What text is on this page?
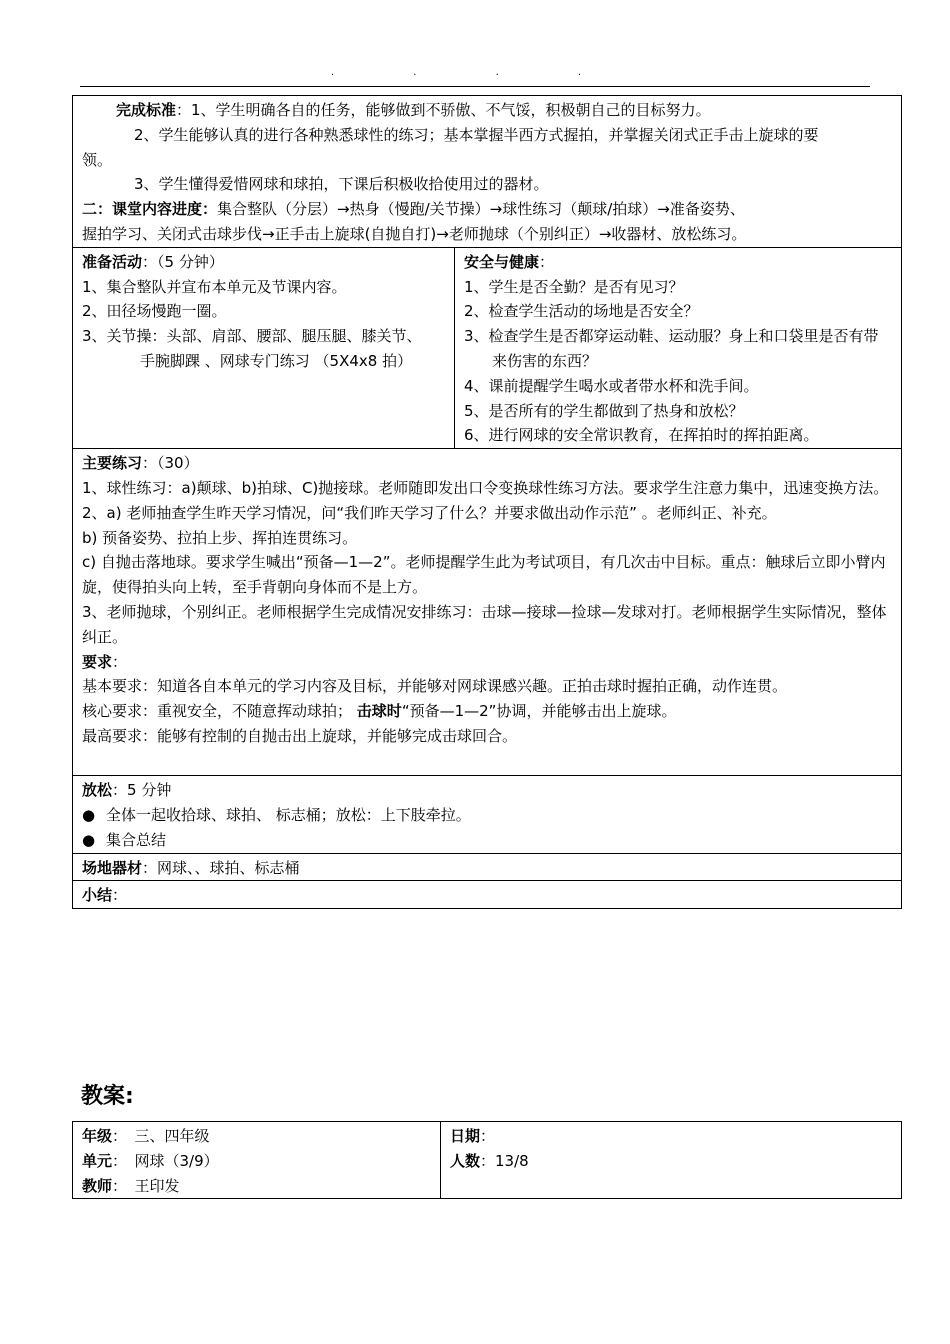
. . . .
完成标准：1、学生明确各自的任务，能够做到不骄傲、不气馁，积极朝自己的目标努力。
2、学生能够认真的进行各种熟悉球性的练习；基本掌握半西方式握拍，并掌握关闭式正手击上旋球的要
领。
3、学生懂得爱惜网球和球拍，下课后积极收拾使用过的器材。
二：课堂内容进度：集合整队（分层）→热身（慢跑/关节操）→球性练习（颠球/拍球）→准备姿势、
握拍学习、关闭式击球步伐→正手击上旋球(自抛自打)→老师抛球（个别纠正）→收器材、放松练习。

准备活动：（5 分钟）
1、集合整队并宣布本单元及节课内容。
2、田径场慢跑一圈。
3、关节操：头部、肩部、腰部、腿压腿、膝关节、
手腕脚踝 、网球专门练习 （5X4x8 拍）

安全与健康：
1、学生是否全勤？是否有见习？
2、检查学生活动的场地是否安全？
3、检查学生是否都穿运动鞋、运动服？身上和口袋里是否有带来伤害的东西？
4、课前提醒学生喝水或者带水杯和洗手间。
5、是否所有的学生都做到了热身和放松？
6、进行网球的安全常识教育，在挥拍时的挥拍距离。

主要练习：（30）
1、球性练习：a)颠球、b)拍球、C)抛接球。老师随即发出口令变换球性练习方法。要求学生注意力集中，迅速变换方法。
2、a) 老师抽查学生昨天学习情况，问“我们昨天学习了什么？并要求做出动作示范” 。老师纠正、补充。
b) 预备姿势、拉拍上步、挥拍连贯练习。
c) 自抛击落地球。要求学生喊出“预备—1—2”。老师提醒学生此为考试项目，有几次击中目标。重点：触球后立即小臂内旋，使得拍头向上转，至手背朝向身体而不是上方。
3、老师抛球，个别纠正。老师根据学生完成情况安排练习：击球—接球—捡球—发球对打。老师根据学生实际情况，整体纠正。
要求：
基本要求：知道各自本单元的学习内容及目标，并能够对网球课感兴趣。正拍击球时握拍正确，动作连贯。
核心要求：重视安全，不随意挥动球拍； 击球时“预备—1—2”协调，并能够击出上旋球。
最高要求：能够有控制的自抛击出上旋球，并能够完成击球回合。

放松：5 分钟
● 全体一起收拾球、球拍、 标志桶；放松：上下肢牵拉。
● 集合总结

场地器材：网球、、球拍、标志桶
小结：
教案:
年级：　三、四年级
单元：　网球（3/9）
教师：　王印发

日期：
人数：13/8
